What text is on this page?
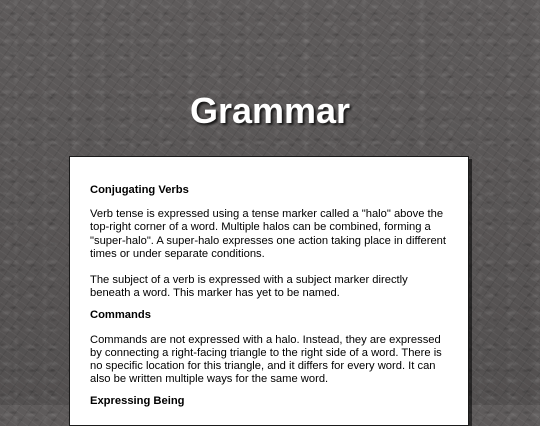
Grammar

Conjugating Verbs

Verb tense is expressed using a tense marker called a "halo" above the top-right corner of a word. Multiple halos can be combined, forming a "super-halo". A super-halo expresses one action taking place in different times or under separate conditions.

The subject of a verb is expressed with a subject marker directly beneath a word. This marker has yet to be named.

Commands

Commands are not expressed with a halo. Instead, they are expressed by connecting a right-facing triangle to the right side of a word. There is no specific location for this triangle, and it differs for every word. It can also be written multiple ways for the same word.

Expressing Being
